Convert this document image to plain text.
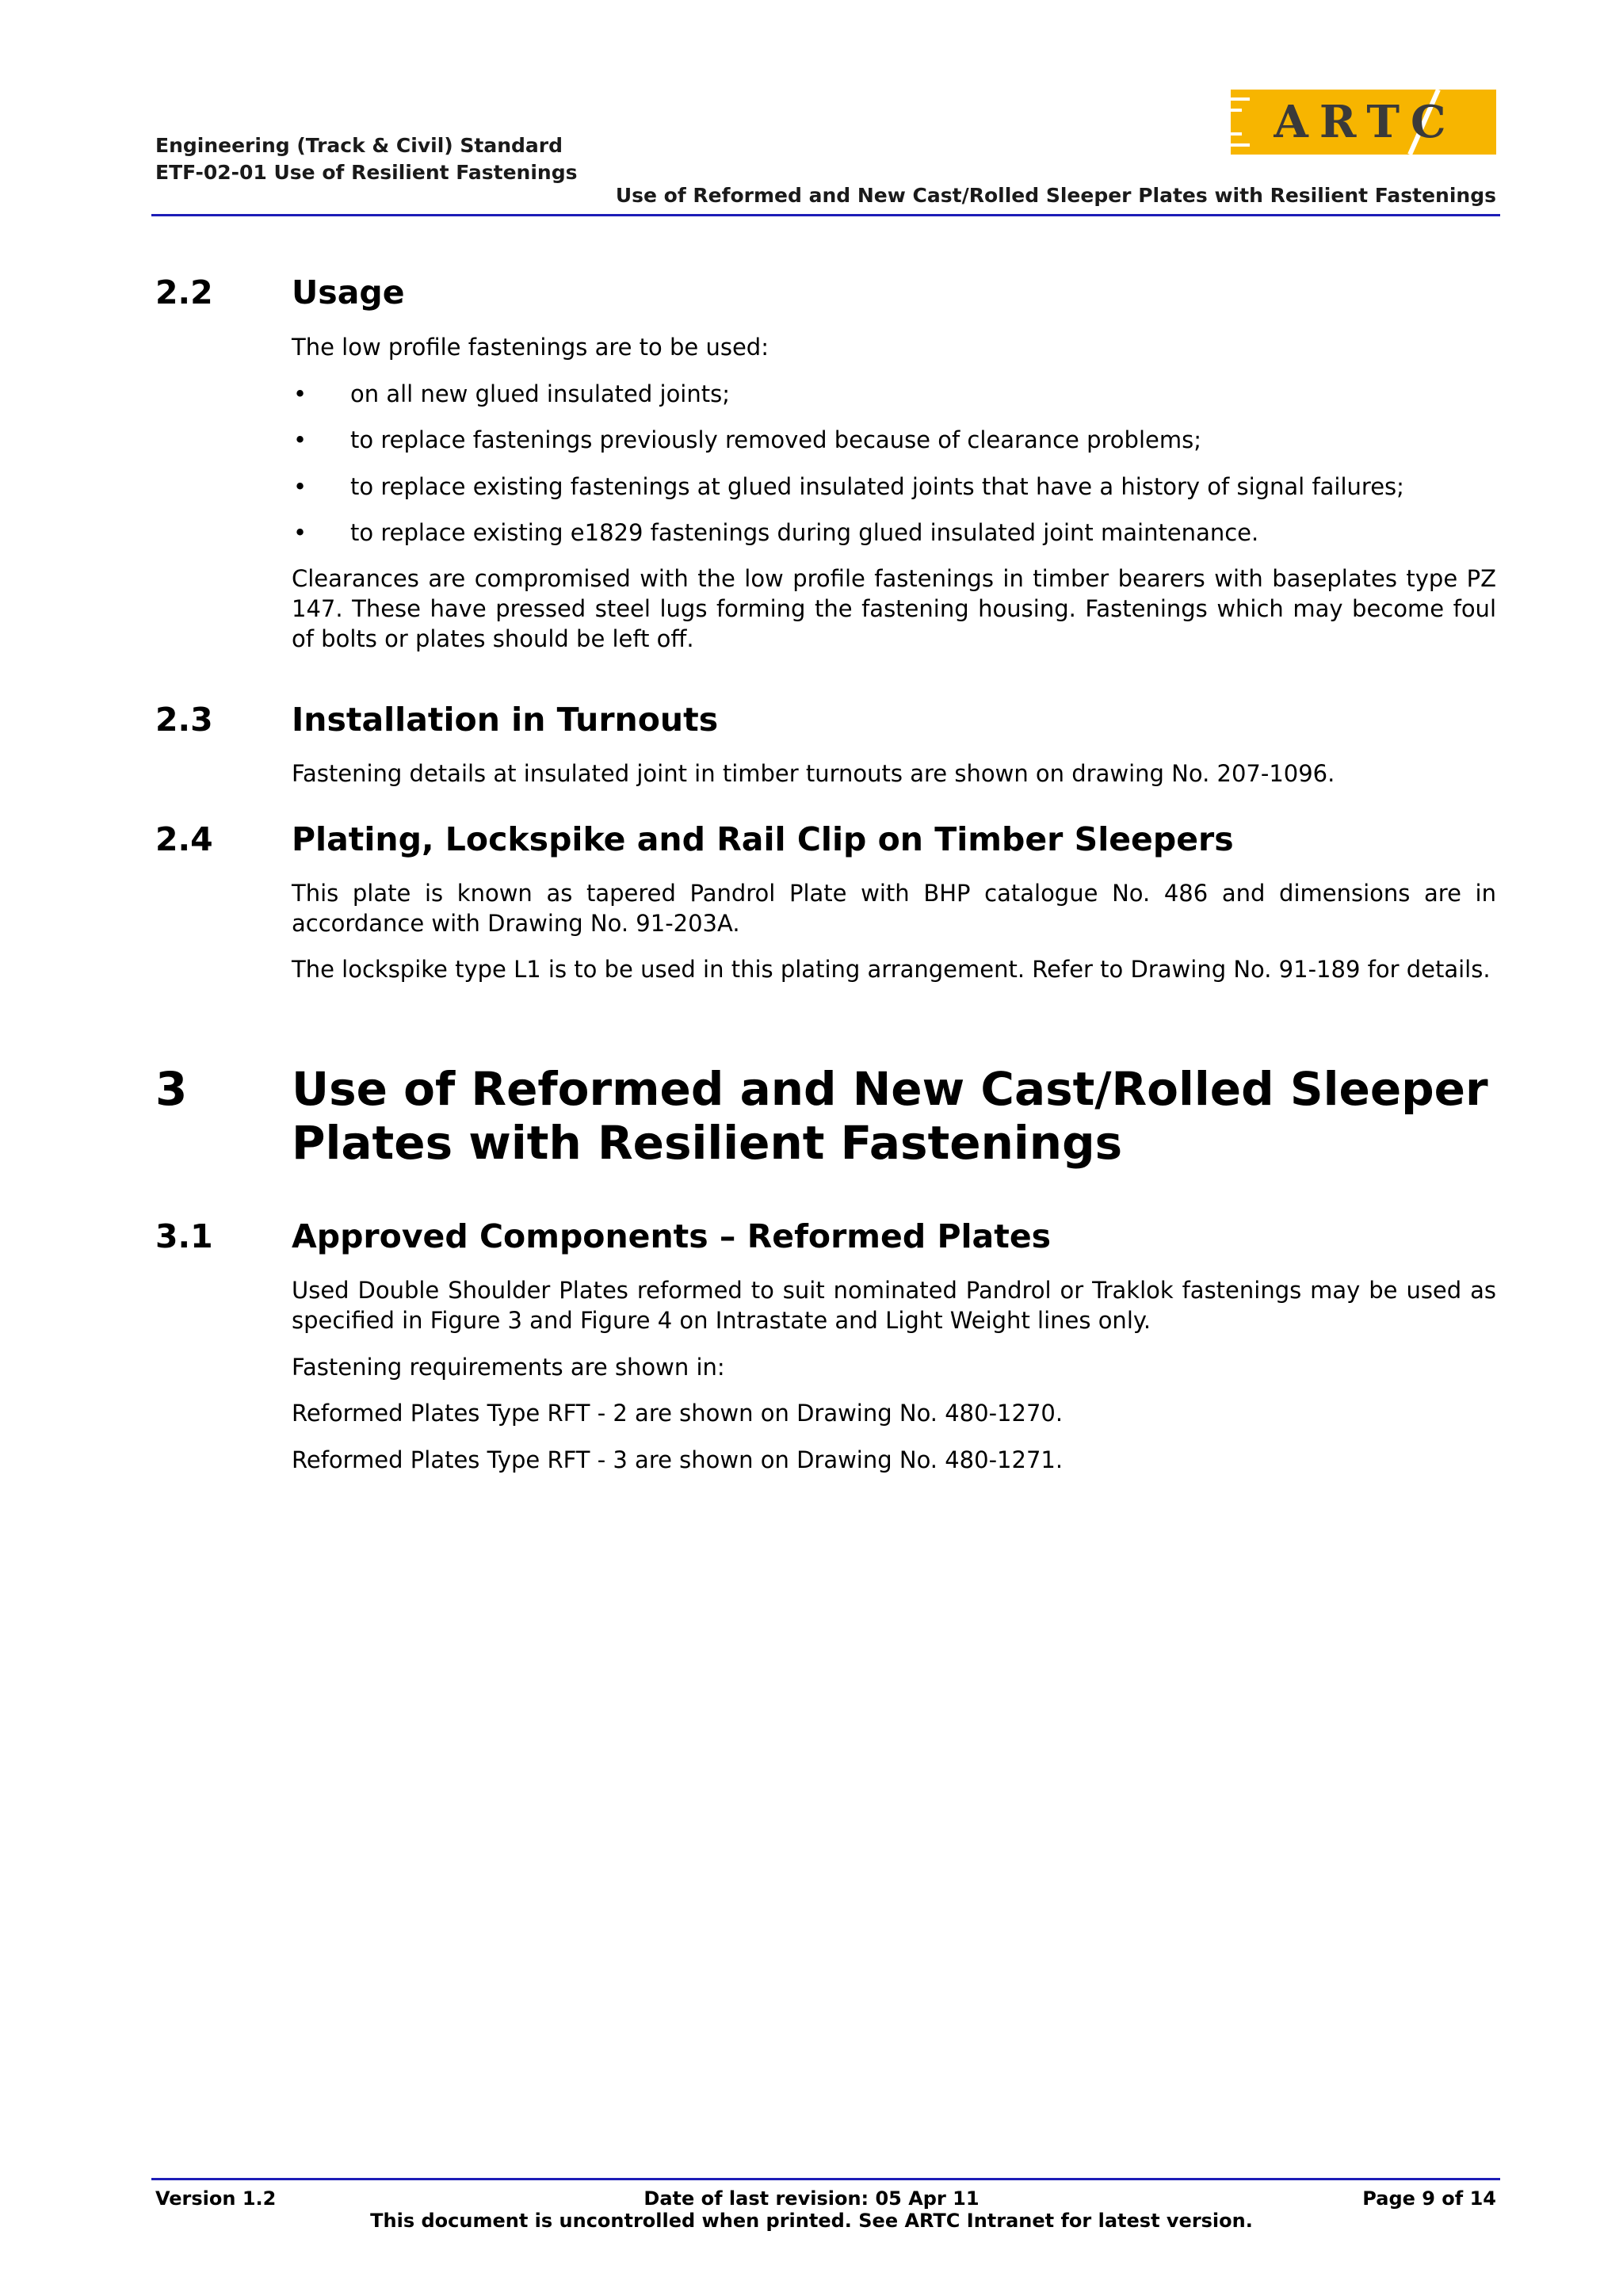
Engineering (Track & Civil) Standard
ETF-02-01 Use of Resilient Fastenings
ARTC
Use of Reformed and New Cast/Rolled Sleeper Plates with Resilient Fastenings
2.2 Usage
The low profile fastenings are to be used:
• on all new glued insulated joints;
• to replace fastenings previously removed because of clearance problems;
• to replace existing fastenings at glued insulated joints that have a history of signal failures;
• to replace existing e1829 fastenings during glued insulated joint maintenance.
Clearances are compromised with the low profile fastenings in timber bearers with baseplates type PZ 147. These have pressed steel lugs forming the fastening housing. Fastenings which may become foul of bolts or plates should be left off.
2.3 Installation in Turnouts
Fastening details at insulated joint in timber turnouts are shown on drawing No. 207-1096.
2.4 Plating, Lockspike and Rail Clip on Timber Sleepers
This plate is known as tapered Pandrol Plate with BHP catalogue No. 486 and dimensions are in accordance with Drawing No. 91-203A.
The lockspike type L1 is to be used in this plating arrangement. Refer to Drawing No. 91-189 for details.
3 Use of Reformed and New Cast/Rolled Sleeper Plates with Resilient Fastenings
3.1 Approved Components – Reformed Plates
Used Double Shoulder Plates reformed to suit nominated Pandrol or Traklok fastenings may be used as specified in Figure 3 and Figure 4 on Intrastate and Light Weight lines only.
Fastening requirements are shown in:
Reformed Plates Type RFT - 2 are shown on Drawing No. 480-1270.
Reformed Plates Type RFT - 3 are shown on Drawing No. 480-1271.
Version 1.2	Date of last revision: 05 Apr 11	Page 9 of 14
This document is uncontrolled when printed. See ARTC Intranet for latest version.
